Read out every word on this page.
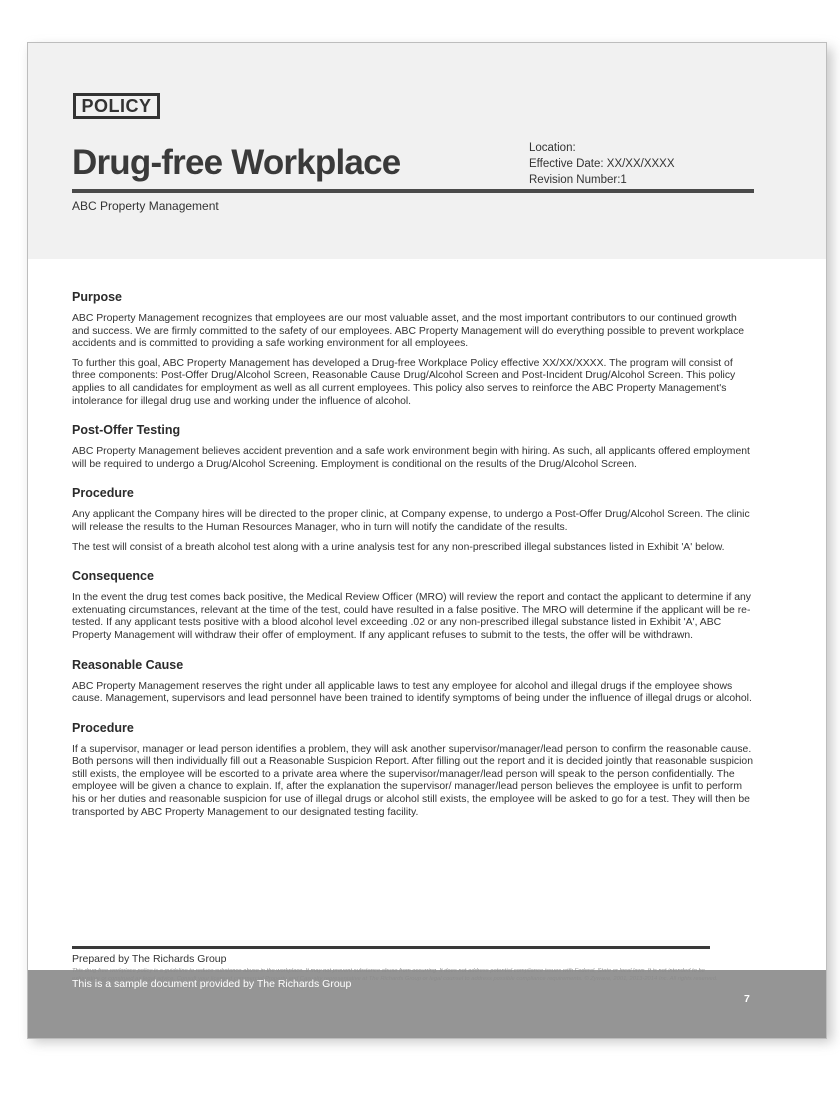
POLICY
Drug-free Workplace	Location:
Effective Date: XX/XX/XXXX
Revision Number:1
ABC Property Management
Purpose

ABC Property Management recognizes that employees are our most valuable asset, and the most important contributors to our continued growth and success. We are firmly committed to the safety of our employees. ABC Property Management will do everything possible to prevent workplace accidents and is committed to providing a safe working environment for all employees.

To further this goal, ABC Property Management has developed a Drug-free Workplace Policy effective XX/XX/XXXX. The program will consist of three components: Post-Offer Drug/Alcohol Screen, Reasonable Cause Drug/Alcohol Screen and Post-Incident Drug/Alcohol Screen. This policy applies to all candidates for employment as well as all current employees. This policy also serves to reinforce the ABC Property Management's intolerance for illegal drug use and working under the influence of alcohol.

Post-Offer Testing

ABC Property Management believes accident prevention and a safe work environment begin with hiring. As such, all applicants offered employment will be required to undergo a Drug/Alcohol Screening. Employment is conditional on the results of the Drug/Alcohol Screen.

Procedure

Any applicant the Company hires will be directed to the proper clinic, at Company expense, to undergo a Post-Offer Drug/Alcohol Screen. The clinic will release the results to the Human Resources Manager, who in turn will notify the candidate of the results.

The test will consist of a breath alcohol test along with a urine analysis test for any non-prescribed illegal substances listed in Exhibit 'A' below.

Consequence

In the event the drug test comes back positive, the Medical Review Officer (MRO) will review the report and contact the applicant to determine if any extenuating circumstances, relevant at the time of the test, could have resulted in a false positive. The MRO will determine if the applicant will be re-tested. If any applicant tests positive with a blood alcohol level exceeding .02 or any non-prescribed illegal substance listed in Exhibit 'A', ABC Property Management will withdraw their offer of employment. If any applicant refuses to submit to the tests, the offer will be withdrawn.

Reasonable Cause

ABC Property Management reserves the right under all applicable laws to test any employee for alcohol and illegal drugs if the employee shows cause. Management, supervisors and lead personnel have been trained to identify symptoms of being under the influence of illegal drugs or alcohol.

Procedure

If a supervisor, manager or lead person identifies a problem, they will ask another supervisor/manager/lead person to confirm the reasonable cause. Both persons will then individually fill out a Reasonable Suspicion Report. After filling out the report and it is decided jointly that reasonable suspicion still exists, the employee will be escorted to a private area where the supervisor/manager/lead person will speak to the person confidentially. The employee will be given a chance to explain. If, after the explanation the supervisor/ manager/lead person believes the employee is unfit to perform his or her duties and reasonable suspicion for use of illegal drugs or alcohol still exists, the employee will be asked to go for a test. They will then be transported by ABC Property Management to our designated testing facility.

Prepared by The Richards Group
This is a sample document provided by The Richards Group
7
